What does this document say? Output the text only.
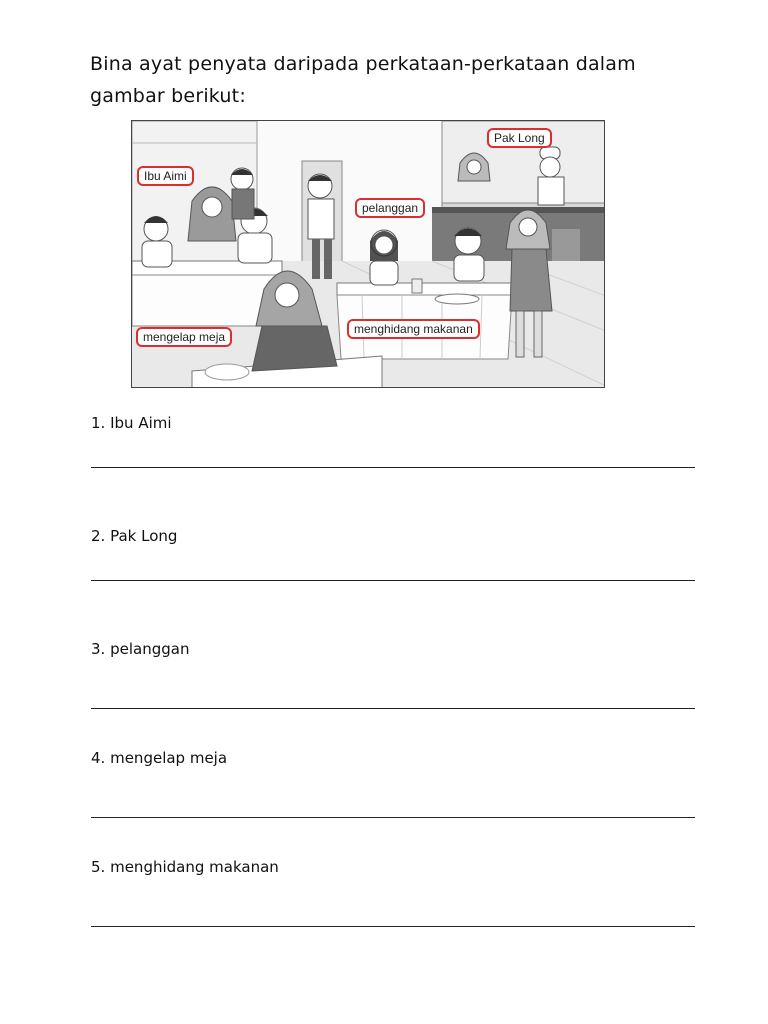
Bina ayat penyata daripada perkataan-perkataan dalam gambar berikut:

Ibu Aimi
Pak Long
pelanggan
mengelap meja
menghidang makanan
1. Ibu Aimi
2. Pak Long
3. pelanggan
4. mengelap meja
5. menghidang makanan
